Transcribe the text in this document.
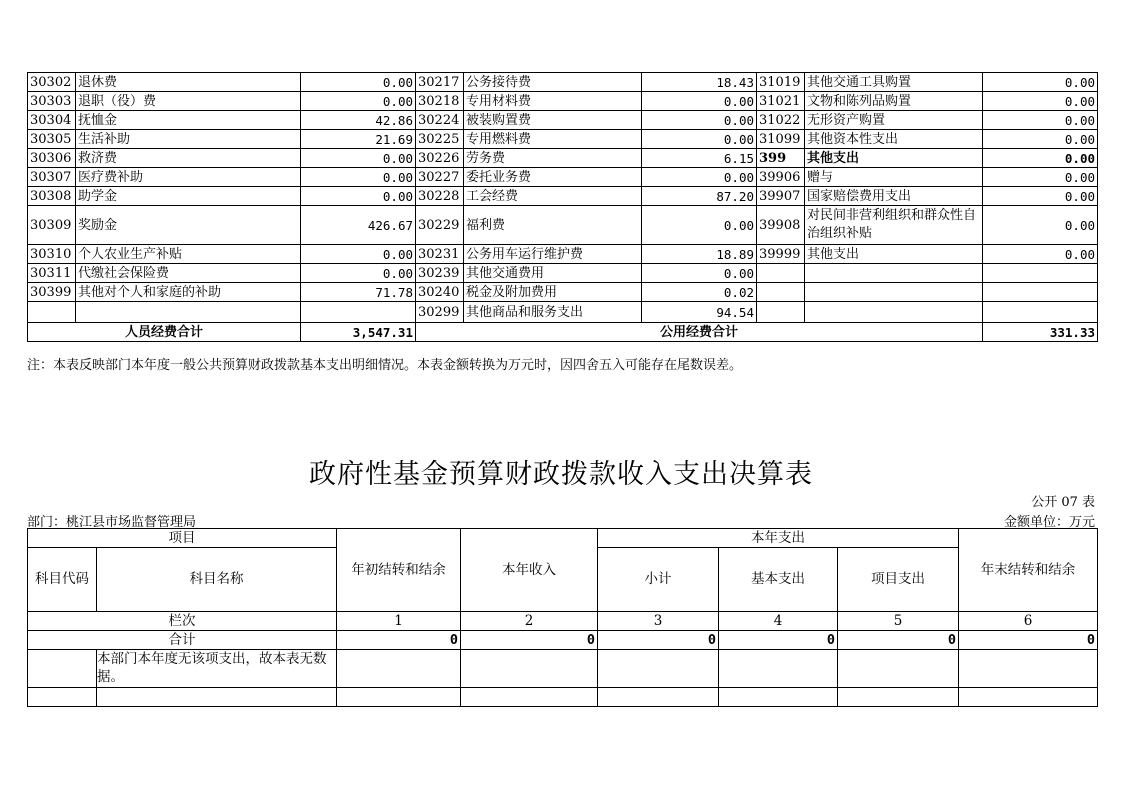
30302	退休费	0.00	30217	公务接待费	18.43	31019	其他交通工具购置	0.00
30303	退职（役）费	0.00	30218	专用材料费	0.00	31021	文物和陈列品购置	0.00
30304	抚恤金	42.86	30224	被装购置费	0.00	31022	无形资产购置	0.00
30305	生活补助	21.69	30225	专用燃料费	0.00	31099	其他资本性支出	0.00
30306	救济费	0.00	30226	劳务费	6.15	399	其他支出	0.00
30307	医疗费补助	0.00	30227	委托业务费	0.00	39906	赠与	0.00
30308	助学金	0.00	30228	工会经费	87.20	39907	国家赔偿费用支出	0.00
30309	奖励金	426.67	30229	福利费	0.00	39908	对民间非营利组织和群众性自治组织补贴	0.00
30310	个人农业生产补贴	0.00	30231	公务用车运行维护费	18.89	39999	其他支出	0.00
30311	代缴社会保险费	0.00	30239	其他交通费用	0.00			
30399	其他对个人和家庭的补助	71.78	30240	税金及附加费用	0.02			
			30299	其他商品和服务支出	94.54			
人员经费合计		3,547.31	公用经费合计					331.33
注：本表反映部门本年度一般公共预算财政拨款基本支出明细情况。本表金额转换为万元时，因四舍五入可能存在尾数误差。
政府性基金预算财政拨款收入支出决算表
公开 07 表
部门：桃江县市场监督管理局	金额单位：万元
项目		年初结转和结余	本年收入	本年支出			年末结转和结余
科目代码	科目名称			小计	基本支出	项目支出	
栏次		1	2	3	4	5	6
合计		0	0	0	0	0	0
	本部门本年度无该项支出，故本表无数据。						
